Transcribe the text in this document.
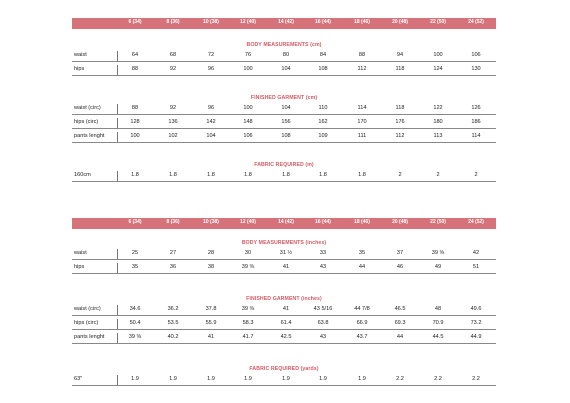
6 (34)	8 (36)	10 (38)	12 (40)	14 (42)	16 (44)	18 (46)	20 (48)	22 (50)	24 (52)
BODY MEASUREMENTS (cm)
waist	64	68	72	76	80	84	88	94	100	106
hips	88	92	96	100	104	108	112	118	124	130
FINISHED GARMENT (cm)
waist (circ)	88	92	96	100	104	110	114	118	122	126
hips (circ)	128	136	142	148	156	162	170	176	180	186
pants lenght	100	102	104	106	108	109	111	112	113	114
FABRIC REQUIRED (m)
160cm	1.8	1.8	1.8	1.8	1.8	1.8	1.8	2	2	2
6 (34)	8 (36)	10 (38)	12 (40)	14 (42)	16 (44)	18 (46)	20 (48)	22 (50)	24 (52)
BODY MEASUREMENTS (inches)
waist	25	27	28	30	31 ½	33	35	37	39 ⅜	42
hips	35	36	38	39 ⅜	41	43	44	46	49	51
FINISHED GARMENT (inches)
waist (circ)	34.6	36.2	37.8	39 ⅜	41	43 5/16	44 7/8	46.5	48	49.6
hips (circ)	50.4	53.5	55.9	58.3	61.4	63.8	66.9	69.3	70.9	73.2
pants lenght	39 ⅜	40.2	41	41.7	42.5	43	43.7	44	44.5	44.9
FABRIC REQUIRED (yards)
63"	1.9	1.9	1.9	1.9	1.9	1.9	1.9	2.2	2.2	2.2
